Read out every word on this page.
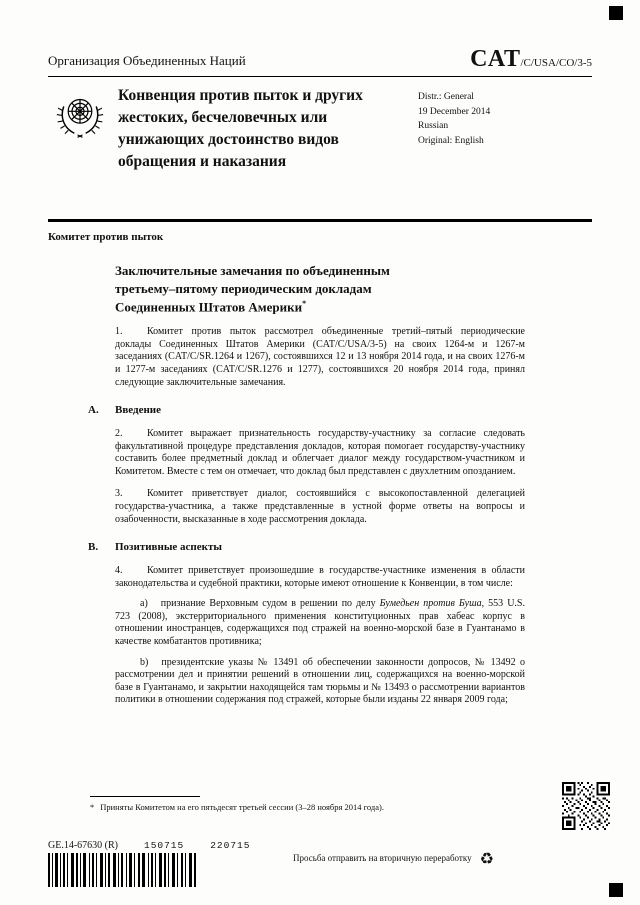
Организация Объединенных Наций	CAT/C/USA/CO/3-5
Конвенция против пыток и других жестоких, бесчеловечных или унижающих достоинство видов обращения и наказания
Distr.: General
19 December 2014
Russian
Original: English
Комитет против пыток
Заключительные замечания по объединенным третьему–пятому периодическим докладам Соединенных Штатов Америки*

1. Комитет против пыток рассмотрел объединенные третий–пятый периодические доклады Соединенных Штатов Америки (CAT/C/USA/3-5) на своих 1264-м и 1267-м заседаниях (CAT/C/SR.1264 и 1267), состоявшихся 12 и 13 ноября 2014 года, и на своих 1276-м и 1277-м заседаниях (CAT/C/SR.1276 и 1277), состоявшихся 20 ноября 2014 года, принял следующие заключительные замечания.

A. Введение

2. Комитет выражает признательность государству-участнику за согласие следовать факультативной процедуре представления докладов, которая помогает государству-участнику составить более предметный доклад и облегчает диалог между государством-участником и Комитетом. Вместе с тем он отмечает, что доклад был представлен с двухлетним опозданием.

3. Комитет приветствует диалог, состоявшийся с высокопоставленной делегацией государства-участника, а также представленные в устной форме ответы на вопросы и озабоченности, высказанные в ходе рассмотрения доклада.

B. Позитивные аспекты

4. Комитет приветствует произошедшие в государстве-участнике изменения в области законодательства и судебной практики, которые имеют отношение к Конвенции, в том числе:

a) признание Верховным судом в решении по делу Бумедьен против Буша, 553 U.S. 723 (2008), экстерриториального применения конституционных прав хабеас корпус в отношении иностранцев, содержащихся под стражей на военно-морской базе в Гуантанамо в качестве комбатантов противника;

b) президентские указы № 13491 об обеспечении законности допросов, № 13492 о рассмотрении дел и принятии решений в отношении лиц, содержащихся на военно-морской базе в Гуантанамо, и закрытии находящейся там тюрьмы и № 13493 о рассмотрении вариантов политики в отношении содержания под стражей, которые были изданы 22 января 2009 года;

* Приняты Комитетом на его пятьдесят третьей сессии (3–28 ноября 2014 года).
GE.14-67630 (R)	150715	220715
Просьба отправить на вторичную переработку ♻
